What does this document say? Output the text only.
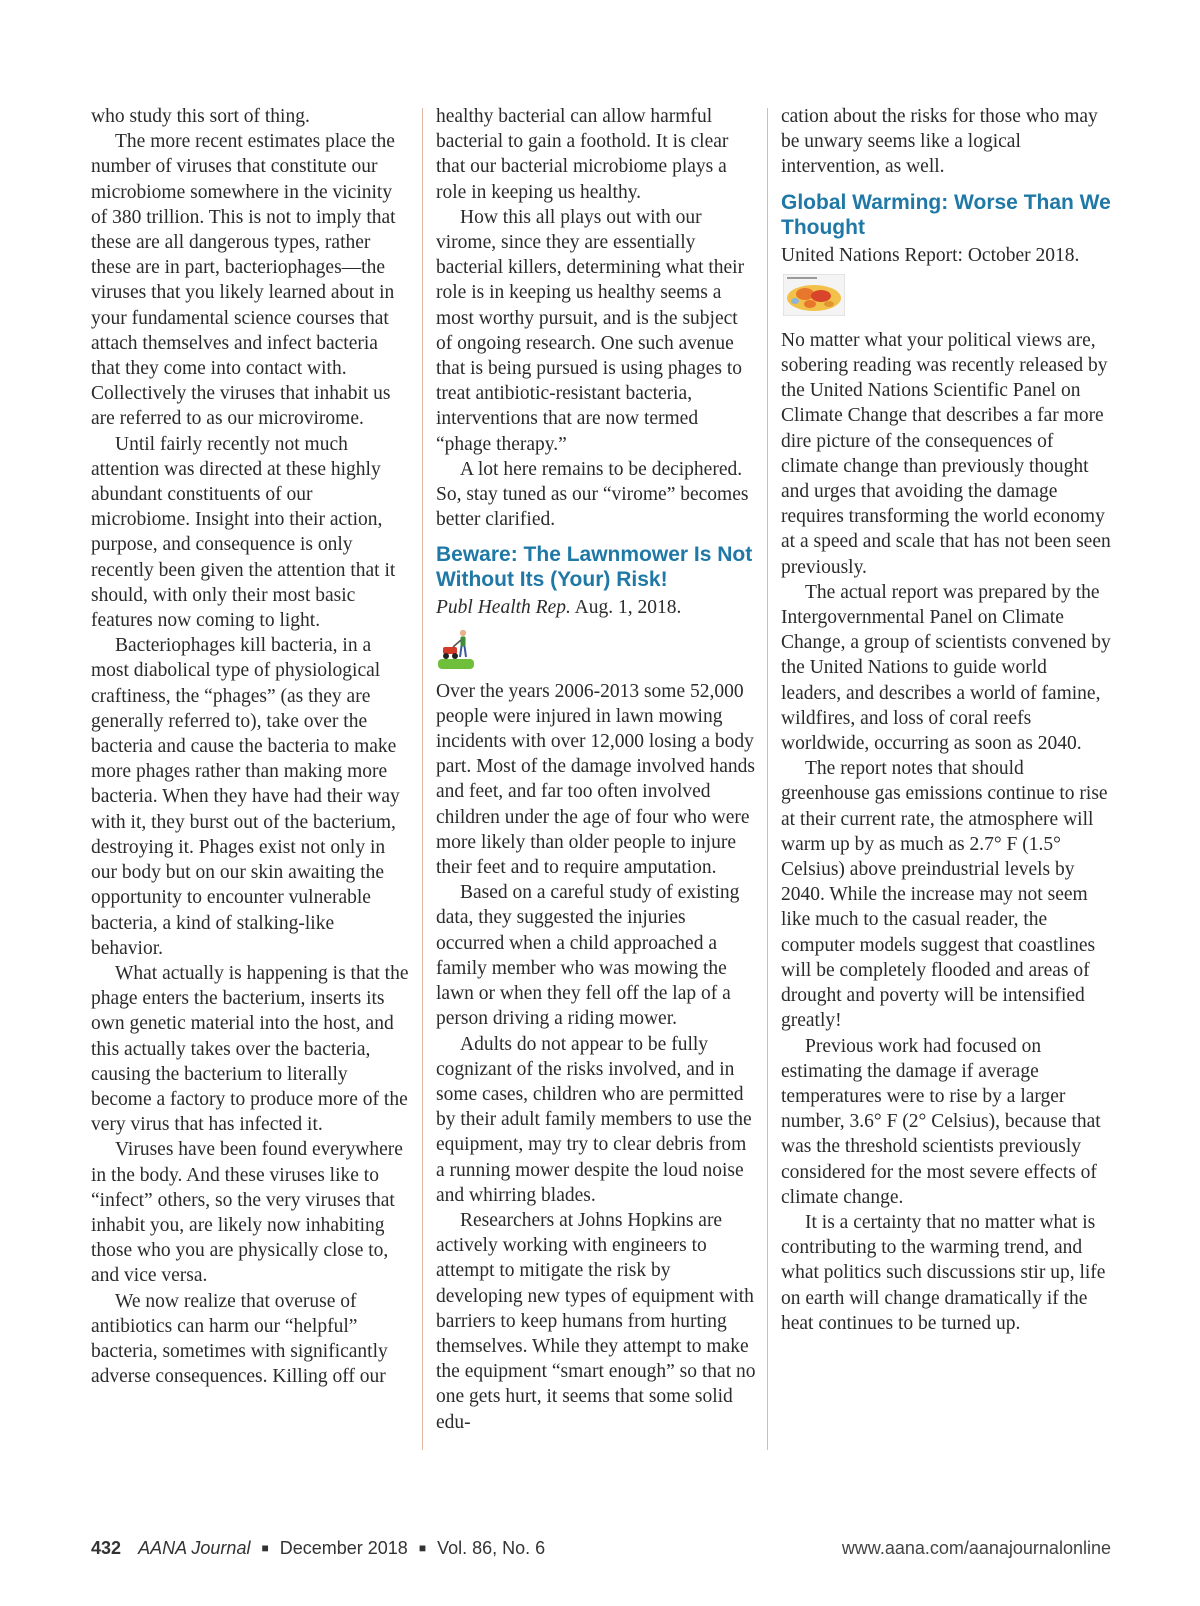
who study this sort of thing.

The more recent estimates place the number of viruses that constitute our microbiome somewhere in the vicinity of 380 trillion. This is not to imply that these are all dangerous types, rather these are in part, bacteriophages—the viruses that you likely learned about in your fundamental science courses that attach themselves and infect bacteria that they come into contact with. Collectively the viruses that inhabit us are referred to as our microvirome.

Until fairly recently not much attention was directed at these highly abundant constituents of our microbiome. Insight into their action, purpose, and consequence is only recently been given the attention that it should, with only their most basic features now coming to light.

Bacteriophages kill bacteria, in a most diabolical type of physiological craftiness, the “phages” (as they are generally referred to), take over the bacteria and cause the bacteria to make more phages rather than making more bacteria. When they have had their way with it, they burst out of the bacterium, destroying it. Phages exist not only in our body but on our skin awaiting the opportunity to encounter vulnerable bacteria, a kind of stalking-like behavior.

What actually is happening is that the phage enters the bacterium, inserts its own genetic material into the host, and this actually takes over the bacteria, causing the bacterium to literally become a factory to produce more of the very virus that has infected it.

Viruses have been found everywhere in the body. And these viruses like to “infect” others, so the very viruses that inhabit you, are likely now inhabiting those who you are physically close to, and vice versa.

We now realize that overuse of antibiotics can harm our “helpful” bacteria, sometimes with significantly adverse consequences. Killing off our

healthy bacterial can allow harmful bacterial to gain a foothold. It is clear that our bacterial microbiome plays a role in keeping us healthy.

How this all plays out with our virome, since they are essentially bacterial killers, determining what their role is in keeping us healthy seems a most worthy pursuit, and is the subject of ongoing research. One such avenue that is being pursued is using phages to treat antibiotic-resistant bacteria, interventions that are now termed “phage therapy.”

A lot here remains to be deciphered. So, stay tuned as our “virome” becomes better clarified.

Beware: The Lawnmower Is Not Without Its (Your) Risk!

Publ Health Rep. Aug. 1, 2018.

Over the years 2006-2013 some 52,000 people were injured in lawn mowing incidents with over 12,000 losing a body part. Most of the damage involved hands and feet, and far too often involved children under the age of four who were more likely than older people to injure their feet and to require amputation.

Based on a careful study of existing data, they suggested the injuries occurred when a child approached a family member who was mowing the lawn or when they fell off the lap of a person driving a riding mower.

Adults do not appear to be fully cognizant of the risks involved, and in some cases, children who are permitted by their adult family members to use the equipment, may try to clear debris from a running mower despite the loud noise and whirring blades.

Researchers at Johns Hopkins are actively working with engineers to attempt to mitigate the risk by developing new types of equipment with barriers to keep humans from hurting themselves. While they attempt to make the equipment “smart enough” so that no one gets hurt, it seems that some solid edu-

cation about the risks for those who may be unwary seems like a logical intervention, as well.

Global Warming: Worse Than We Thought

United Nations Report: October 2018.

No matter what your political views are, sobering reading was recently released by the United Nations Scientific Panel on Climate Change that describes a far more dire picture of the consequences of climate change than previously thought and urges that avoiding the damage requires transforming the world economy at a speed and scale that has not been seen previously.

The actual report was prepared by the Intergovernmental Panel on Climate Change, a group of scientists convened by the United Nations to guide world leaders, and describes a world of famine, wildfires, and loss of coral reefs worldwide, occurring as soon as 2040.

The report notes that should greenhouse gas emissions continue to rise at their current rate, the atmosphere will warm up by as much as 2.7° F (1.5° Celsius) above preindustrial levels by 2040. While the increase may not seem like much to the casual reader, the computer models suggest that coastlines will be completely flooded and areas of drought and poverty will be intensified greatly!

Previous work had focused on estimating the damage if average temperatures were to rise by a larger number, 3.6° F (2° Celsius), because that was the threshold scientists previously considered for the most severe effects of climate change.

It is a certainty that no matter what is contributing to the warming trend, and what politics such discussions stir up, life on earth will change dramatically if the heat continues to be turned up.

432 AANA Journal ■ December 2018 ■ Vol. 86, No. 6	www.aana.com/aanajournalonline
